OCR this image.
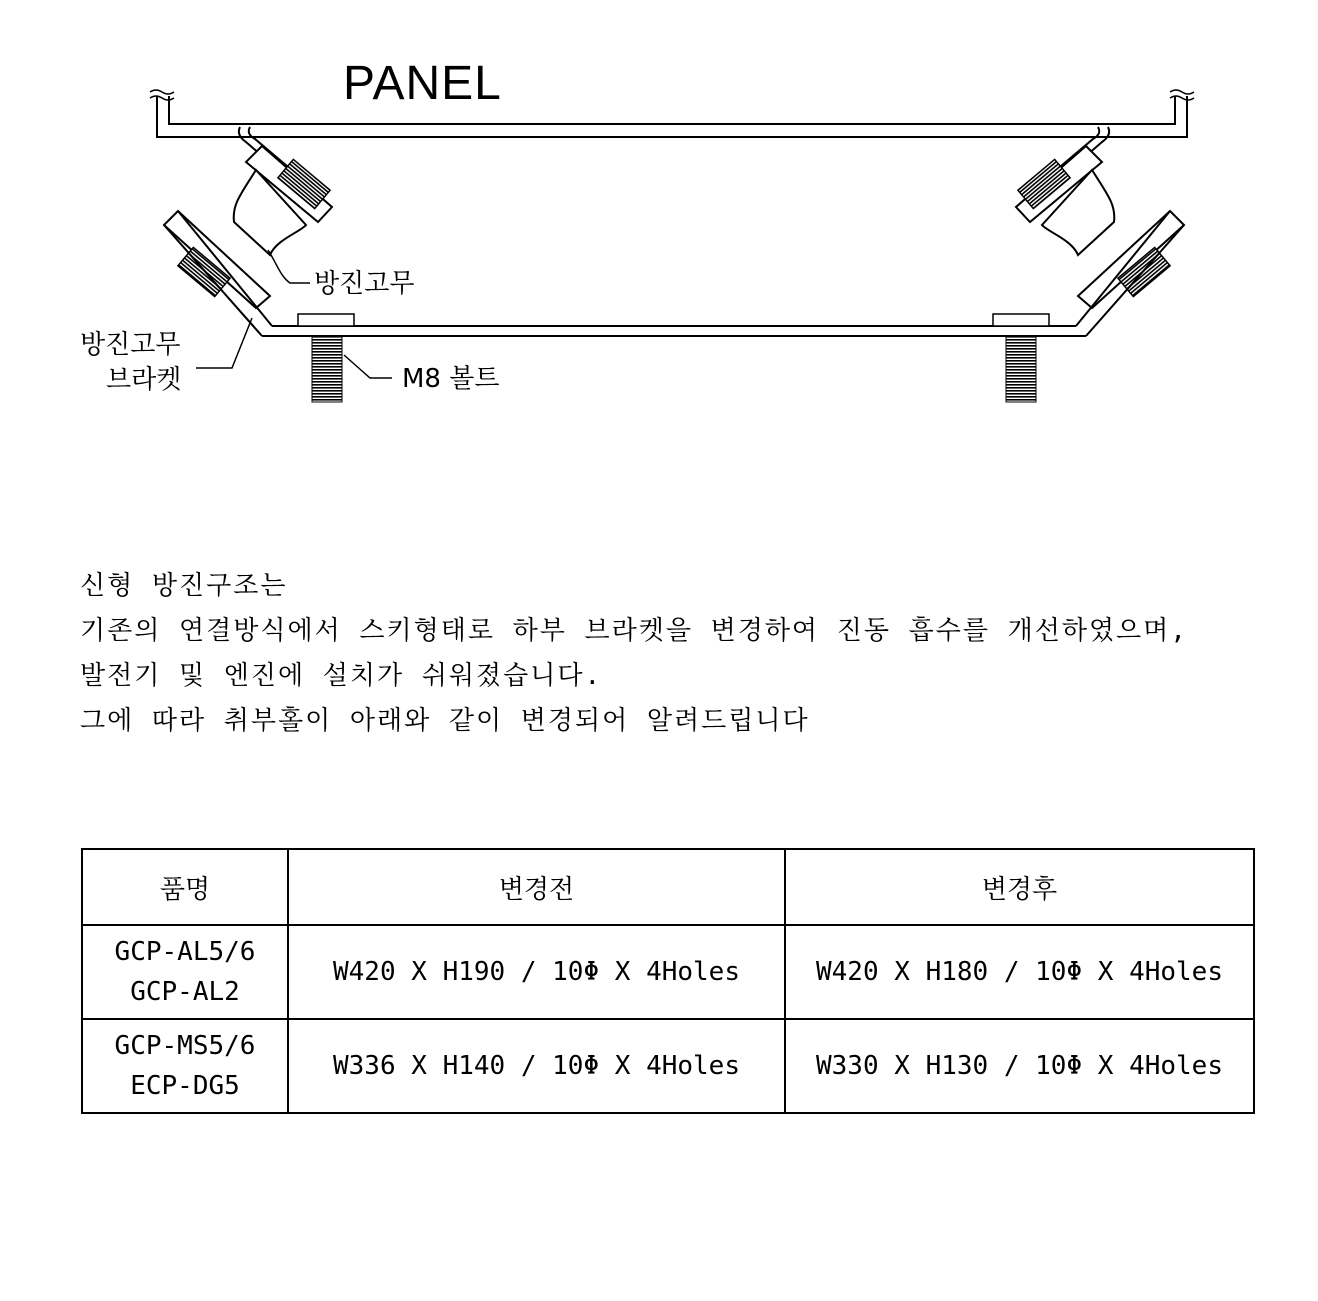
PANEL
방진고무
방진고무
브라켓	M8 볼트
신형 방진구조는
기존의 연결방식에서 스키형태로 하부 브라켓을 변경하여 진동 흡수를 개선하였으며,
발전기 및 엔진에 설치가 쉬워졌습니다.
그에 따라 취부홀이 아래와 같이 변경되어 알려드립니다
품명	변경전	변경후

GCP-AL5/6
GCP-AL2	W420 X H190 / 10Φ X 4Holes	W420 X H180 / 10Φ X 4Holes

GCP-MS5/6
ECP-DG5	W336 X H140 / 10Φ X 4Holes	W330 X H130 / 10Φ X 4Holes
